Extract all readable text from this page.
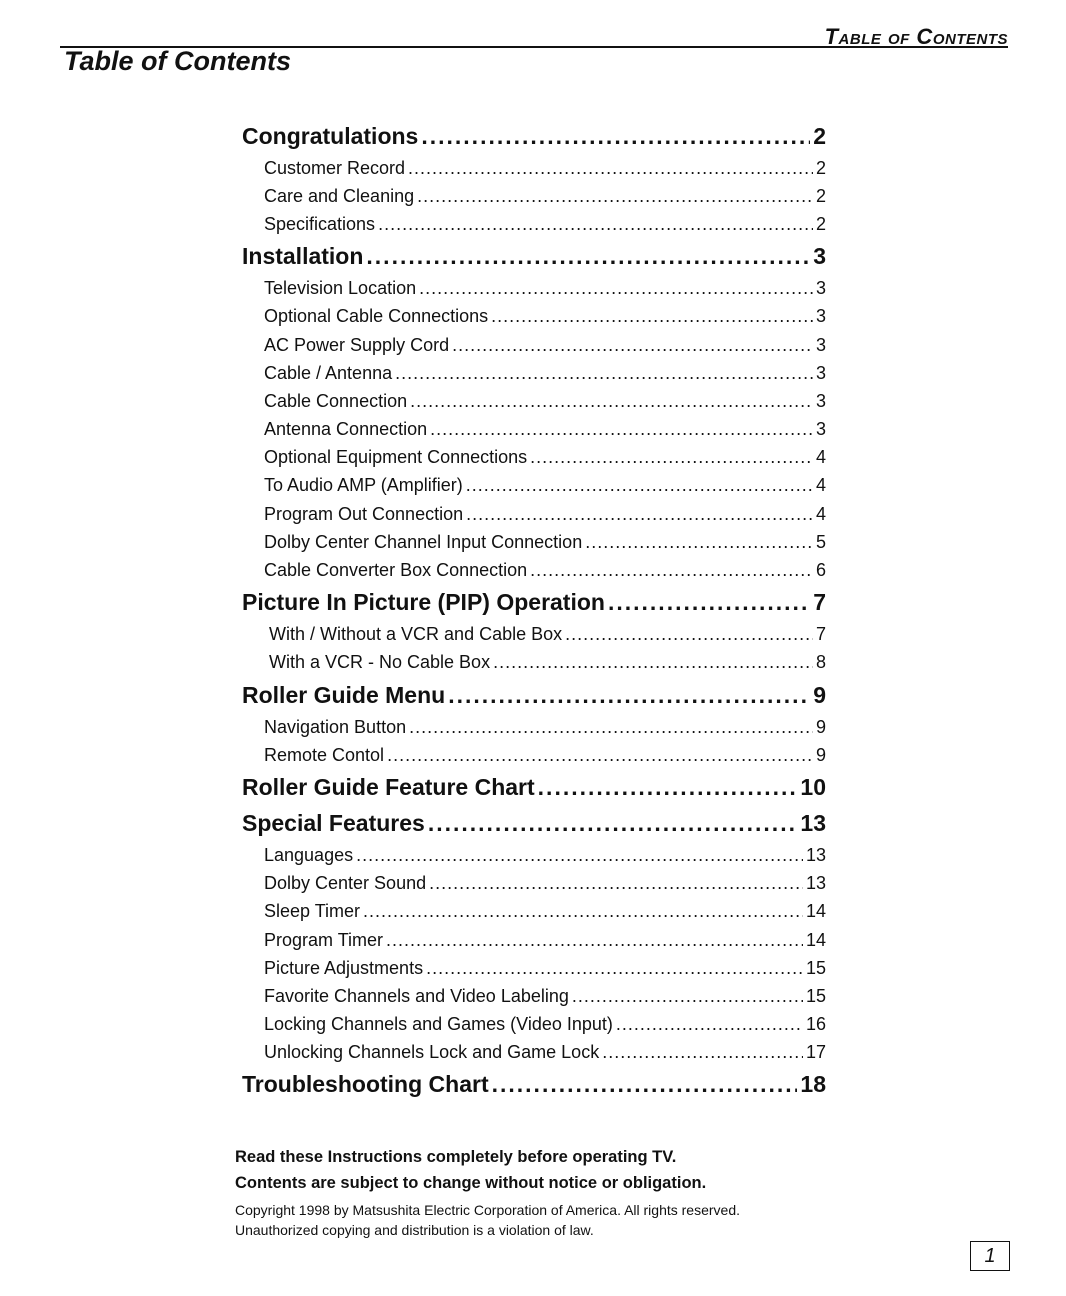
Table of Contents
Table of Contents
Congratulations .....	2
Customer Record .....	2
Care and Cleaning .....	2
Specifications .....	2
Installation .....	3
Television Location .....	3
Optional Cable Connections .....	3
AC Power Supply Cord .....	3
Cable / Antenna .....	3
Cable Connection .....	3
Antenna Connection .....	3
Optional Equipment Connections .....	4
To Audio AMP (Amplifier) .....	4
Program Out Connection .....	4
Dolby Center Channel Input Connection .....	5
Cable Converter Box Connection .....	6
Picture In Picture (PIP) Operation .....	7
With / Without a VCR and Cable Box .....	7
With a VCR - No Cable Box .....	8
Roller Guide Menu .....	9
Navigation Button .....	9
Remote Contol .....	9
Roller Guide Feature Chart .....	10
Special Features .....	13
Languages .....	13
Dolby Center Sound .....	13
Sleep Timer .....	14
Program Timer .....	14
Picture Adjustments .....	15
Favorite Channels and Video Labeling .....	15
Locking Channels and Games (Video Input) .....	16
Unlocking Channels Lock and Game Lock .....	17
Troubleshooting Chart .....	18
Read these Instructions completely before operating TV.
Contents are subject to change without notice or obligation.
Copyright 1998 by Matsushita Electric Corporation of America. All rights reserved.
Unauthorized copying and distribution is a violation of law.
1
